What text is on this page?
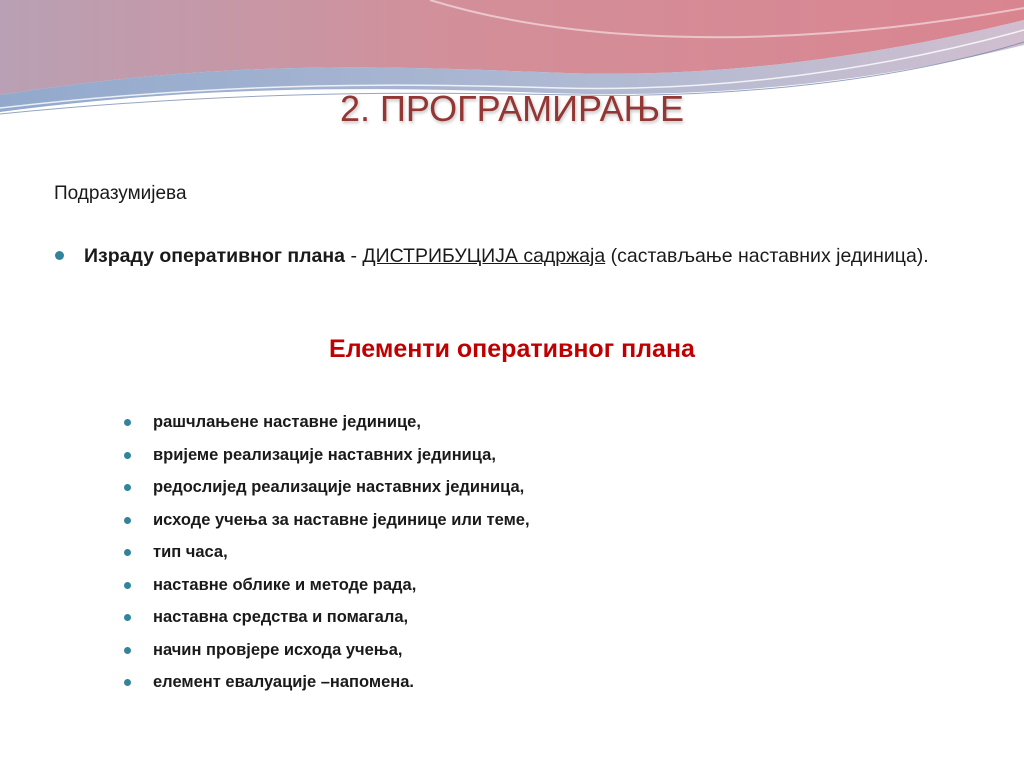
2. ПРОГРАМИРАЊЕ
Подразумијева
Израду оперативног плана - ДИСТРИБУЦИЈА садржаја (састављање наставних јединица).
Елементи оперативног плана
рашчлањене наставне јединице,
вријеме реализације наставних јединица,
редослијед реализације наставних јединица,
исходе учења за наставне јединице или теме,
тип часа,
наставне облике и методе рада,
наставна средства и помагала,
начин провјере исхода учења,
елемент евалуације –напомена.
